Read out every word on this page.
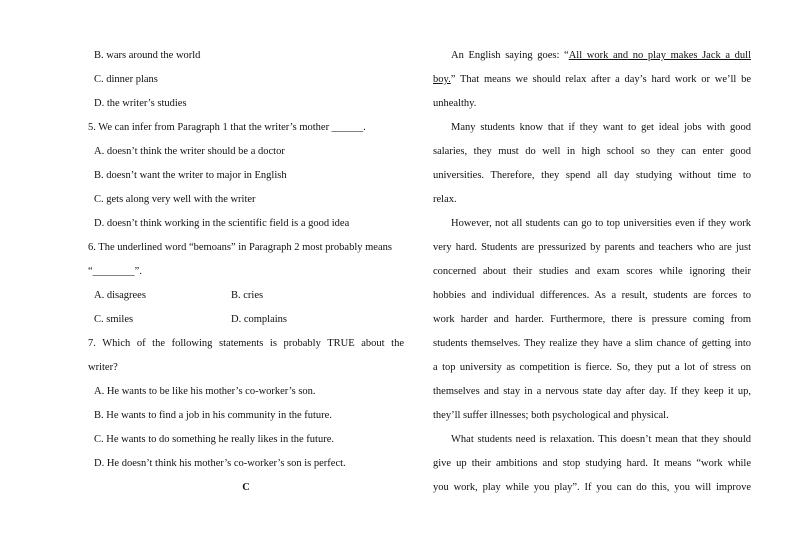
B. wars around the world
C. dinner plans
D. the writer’s studies
5. We can infer from Paragraph 1 that the writer’s mother ______.
A. doesn’t think the writer should be a doctor
B. doesn’t want the writer to major in English
C. gets along very well with the writer
D. doesn’t think working in the scientific field is a good idea
6. The underlined word “bemoans” in Paragraph 2 most probably means
“________”.
A. disagrees	B. cries
C. smiles	D. complains
7. Which of the following statements is probably TRUE about the
writer?
A. He wants to be like his mother’s co-worker’s son.
B. He wants to find a job in his community in the future.
C. He wants to do something he really likes in the future.
D. He doesn’t think his mother’s co-worker’s son is perfect.
C
An English saying goes: “All work and no play makes Jack a dull
boy.” That means we should relax after a day’s hard work or we’ll be
unhealthy.
Many students know that if they want to get ideal jobs with good
salaries, they must do well in high school so they can enter good
universities. Therefore, they spend all day studying without time to
relax.
However, not all students can go to top universities even if they work
very hard. Students are pressurized by parents and teachers who are just
concerned about their studies and exam scores while ignoring their
hobbies and individual differences. As a result, students are forces to
work harder and harder. Furthermore, there is pressure coming from
students themselves. They realize they have a slim chance of getting into
a top university as competition is fierce. So, they put a lot of stress on
themselves and stay in a nervous state day after day. If they keep it up,
they’ll suffer illnesses; both psychological and physical.
What students need is relaxation. This doesn’t mean that they should
give up their ambitions and stop studying hard. It means “work while
you work, play while you play”. If you can do this, you will improve
